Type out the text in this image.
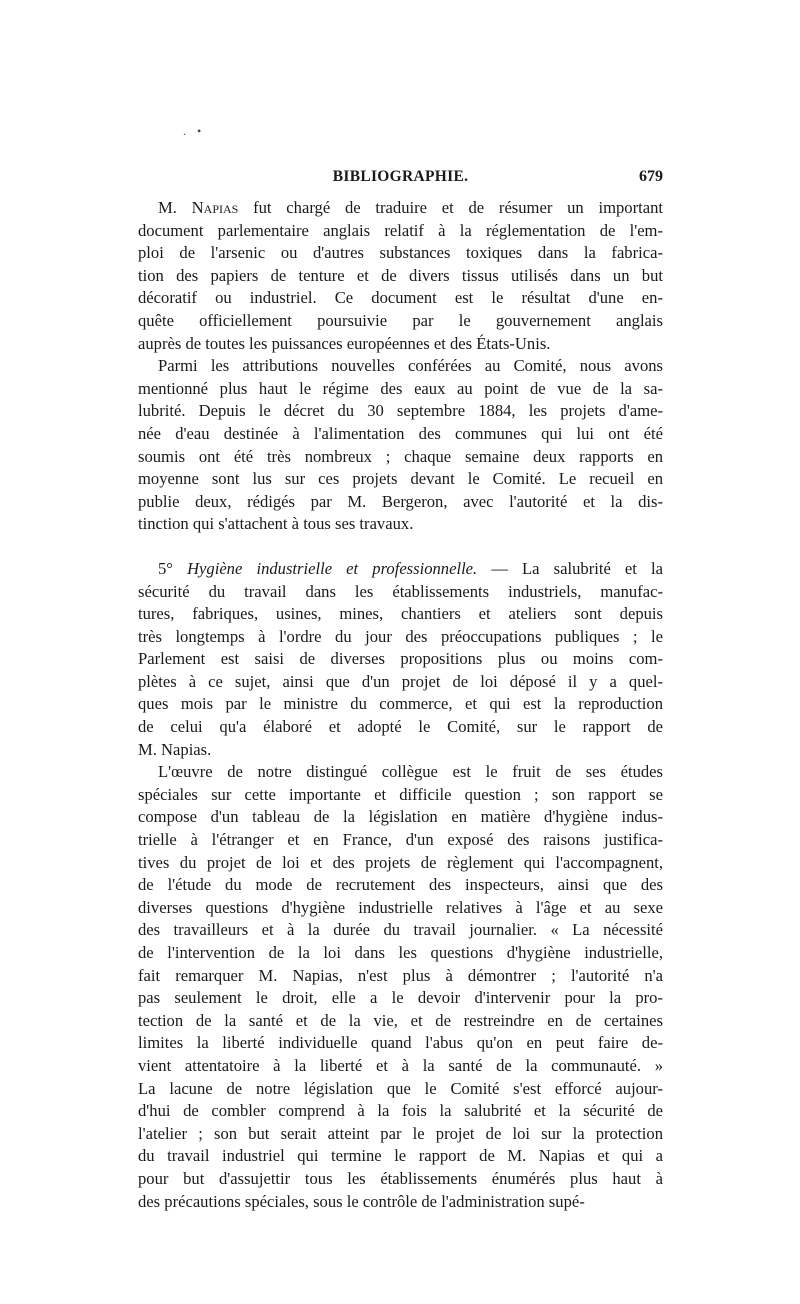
. •
BIBLIOGRAPHIE.	679
M. Napias fut chargé de traduire et de résumer un important
document parlementaire anglais relatif à la réglementation de l'em-
ploi de l'arsenic ou d'autres substances toxiques dans la fabrica-
tion des papiers de tenture et de divers tissus utilisés dans un but
décoratif ou industriel. Ce document est le résultat d'une en-
quête officiellement poursuivie par le gouvernement anglais
auprès de toutes les puissances européennes et des États-Unis.
Parmi les attributions nouvelles conférées au Comité, nous avons
mentionné plus haut le régime des eaux au point de vue de la sa-
lubrité. Depuis le décret du 30 septembre 1884, les projets d'ame-
née d'eau destinée à l'alimentation des communes qui lui ont été
soumis ont été très nombreux ; chaque semaine deux rapports en
moyenne sont lus sur ces projets devant le Comité. Le recueil en
publie deux, rédigés par M. Bergeron, avec l'autorité et la dis-
tinction qui s'attachent à tous ses travaux.
5° Hygiène industrielle et professionnelle. — La salubrité et la
sécurité du travail dans les établissements industriels, manufac-
tures, fabriques, usines, mines, chantiers et ateliers sont depuis
très longtemps à l'ordre du jour des préoccupations publiques ; le
Parlement est saisi de diverses propositions plus ou moins com-
plètes à ce sujet, ainsi que d'un projet de loi déposé il y a quel-
ques mois par le ministre du commerce, et qui est la reproduction
de celui qu'a élaboré et adopté le Comité, sur le rapport de
M. Napias.
L'œuvre de notre distingué collègue est le fruit de ses études
spéciales sur cette importante et difficile question ; son rapport se
compose d'un tableau de la législation en matière d'hygiène indus-
trielle à l'étranger et en France, d'un exposé des raisons justifica-
tives du projet de loi et des projets de règlement qui l'accompagnent,
de l'étude du mode de recrutement des inspecteurs, ainsi que des
diverses questions d'hygiène industrielle relatives à l'âge et au sexe
des travailleurs et à la durée du travail journalier. « La nécessité
de l'intervention de la loi dans les questions d'hygiène industrielle,
fait remarquer M. Napias, n'est plus à démontrer ; l'autorité n'a
pas seulement le droit, elle a le devoir d'intervenir pour la pro-
tection de la santé et de la vie, et de restreindre en de certaines
limites la liberté individuelle quand l'abus qu'on en peut faire de-
vient attentatoire à la liberté et à la santé de la communauté. »
La lacune de notre législation que le Comité s'est efforcé aujour-
d'hui de combler comprend à la fois la salubrité et la sécurité de
l'atelier ; son but serait atteint par le projet de loi sur la protection
du travail industriel qui termine le rapport de M. Napias et qui a
pour but d'assujettir tous les établissements énumérés plus haut à
des précautions spéciales, sous le contrôle de l'administration supé-
